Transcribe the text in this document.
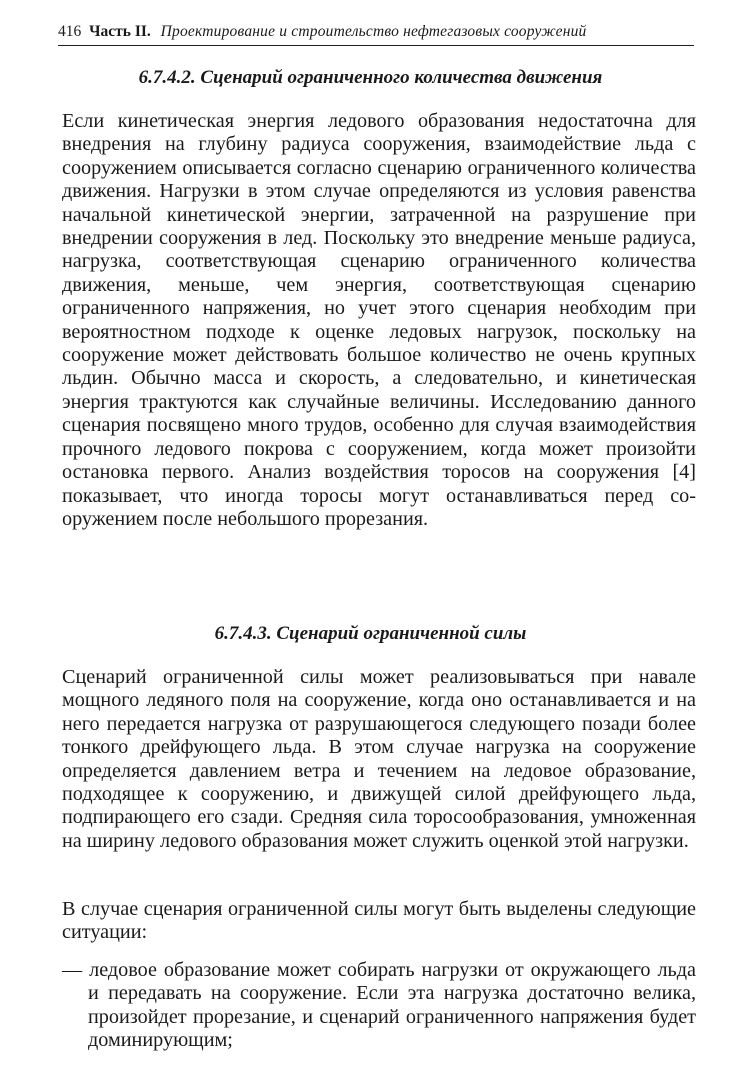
416 Часть II. Проектирование и строительство нефтегазовых сооружений
6.7.4.2. Сценарий ограниченного количества движения

Если кинетическая энергия ледового образования недостаточна для внедрения на глубину радиуса сооружения, взаимодействие льда с сооружением описывается согласно сценарию ограниченного количества движения. Нагрузки в этом случае определяются из условия равенства начальной кинетической энергии, затраченной на разрушение при внедрении сооружения в лед. Поскольку это внедрение меньше радиуса, нагрузка, соответствующая сценарию ограниченного количества движения, меньше, чем энергия, соответствующая сценарию ограниченного напряжения, но учет этого сценария необходим при вероятностном подходе к оценке ледовых нагрузок, поскольку на сооружение может действовать большое количество не очень крупных льдин. Обычно масса и скорость, а следовательно, и кинетическая энергия трактуются как случайные величины. Исследованию данного сценария посвящено много трудов, особенно для случая взаимодействия прочного ледового покрова с сооружением, когда может произойти остановка первого. Анализ воздействия торосов на сооружения [4] показывает, что иногда торосы могут останавливаться перед сооружением после небольшого прорезания.

6.7.4.3. Сценарий ограниченной силы

Сценарий ограниченной силы может реализовываться при навале мощного ледяного поля на сооружение, когда оно останавливается и на него передается нагрузка от разрушающегося следующего позади более тонкого дрейфующего льда. В этом случае нагрузка на сооружение определяется давлением ветра и течением на ледовое образование, подходящее к сооружению, и движущей силой дрейфующего льда, подпирающего его сзади. Средняя сила торосообразования, умноженная на ширину ледового образования может служить оценкой этой нагрузки.

В случае сценария ограниченной силы могут быть выделены следующие ситуации:

— ледовое образование может собирать нагрузки от окружающего льда и передавать на сооружение. Если эта нагрузка достаточно велика, произойдет прорезание, и сценарий ограниченного напряжения будет доминирующим;
